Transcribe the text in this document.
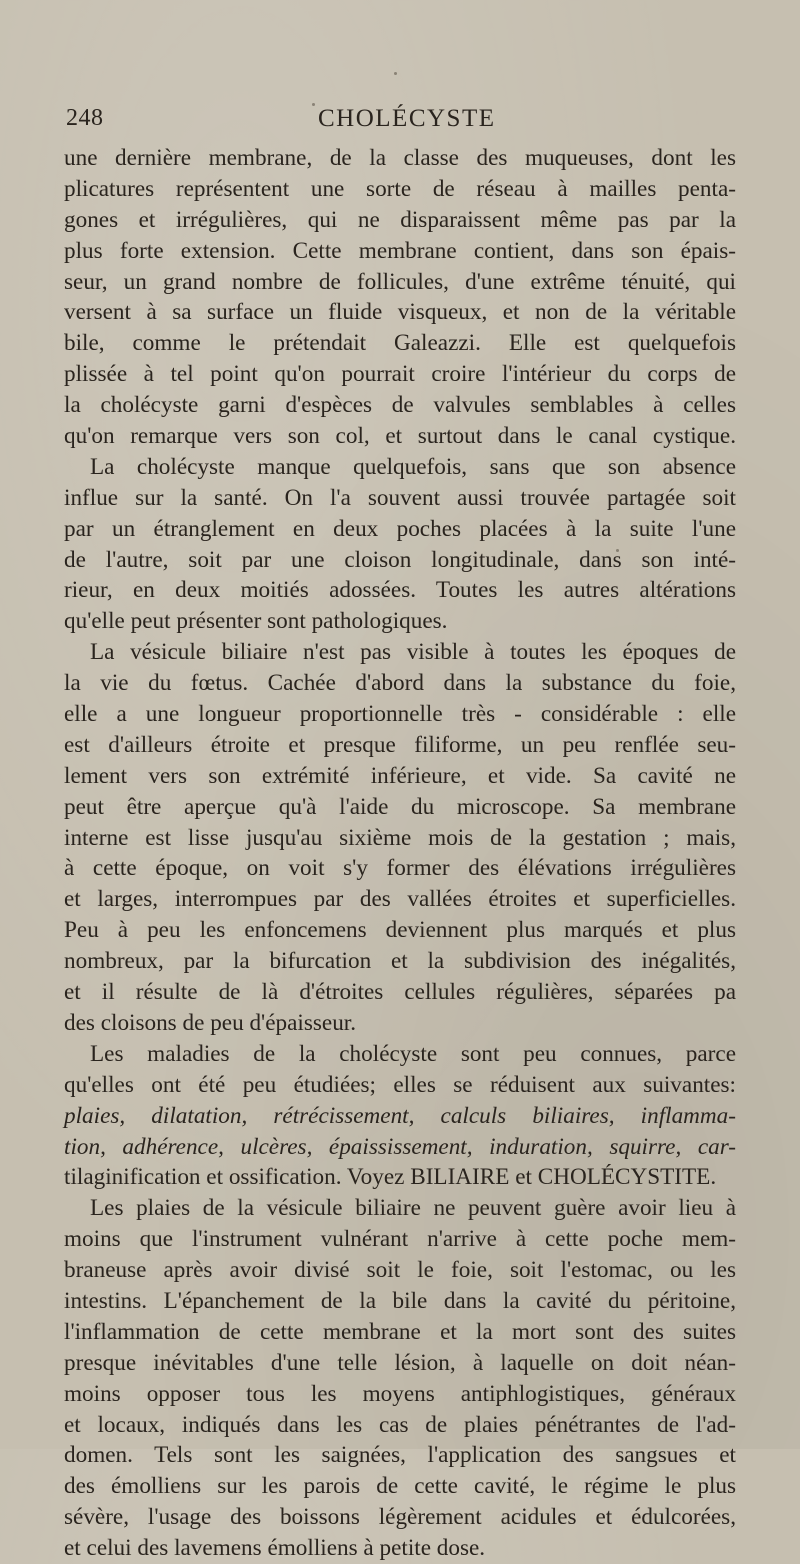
248	CHOLÉCYSTE
une dernière membrane, de la classe des muqueuses, dont les
plicatures représentent une sorte de réseau à mailles penta-
gones et irrégulières, qui ne disparaissent même pas par la
plus forte extension. Cette membrane contient, dans son épais-
seur, un grand nombre de follicules, d'une extrême ténuité, qui
versent à sa surface un fluide visqueux, et non de la véritable
bile, comme le prétendait Galeazzi. Elle est quelquefois
plissée à tel point qu'on pourrait croire l'intérieur du corps de
la cholécyste garni d'espèces de valvules semblables à celles
qu'on remarque vers son col, et surtout dans le canal cystique.
La cholécyste manque quelquefois, sans que son absence
influe sur la santé. On l'a souvent aussi trouvée partagée soit
par un étranglement en deux poches placées à la suite l'une
de l'autre, soit par une cloison longitudinale, dans son inté-
rieur, en deux moitiés adossées. Toutes les autres altérations
qu'elle peut présenter sont pathologiques.
La vésicule biliaire n'est pas visible à toutes les époques de
la vie du fœtus. Cachée d'abord dans la substance du foie,
elle a une longueur proportionnelle très - considérable : elle
est d'ailleurs étroite et presque filiforme, un peu renflée seu-
lement vers son extrémité inférieure, et vide. Sa cavité ne
peut être aperçue qu'à l'aide du microscope. Sa membrane
interne est lisse jusqu'au sixième mois de la gestation ; mais,
à cette époque, on voit s'y former des élévations irrégulières
et larges, interrompues par des vallées étroites et superficielles.
Peu à peu les enfoncemens deviennent plus marqués et plus
nombreux, par la bifurcation et la subdivision des inégalités,
et il résulte de là d'étroites cellules régulières, séparées pa
des cloisons de peu d'épaisseur.
Les maladies de la cholécyste sont peu connues, parce
qu'elles ont été peu étudiées; elles se réduisent aux suivantes:
plaies, dilatation, rétrécissement, calculs biliaires, inflamma-
tion, adhérence, ulcères, épaississement, induration, squirre, car-
tilaginification et ossification. Voyez BILIAIRE et CHOLÉCYSTITE.
Les plaies de la vésicule biliaire ne peuvent guère avoir lieu à
moins que l'instrument vulnérant n'arrive à cette poche mem-
braneuse après avoir divisé soit le foie, soit l'estomac, ou les
intestins. L'épanchement de la bile dans la cavité du péritoine,
l'inflammation de cette membrane et la mort sont des suites
presque inévitables d'une telle lésion, à laquelle on doit néan-
moins opposer tous les moyens antiphlogistiques, généraux
et locaux, indiqués dans les cas de plaies pénétrantes de l'ad-
domen. Tels sont les saignées, l'application des sangsues et
des émolliens sur les parois de cette cavité, le régime le plus
sévère, l'usage des boissons légèrement acidules et édulcorées,
et celui des lavemens émolliens à petite dose.
